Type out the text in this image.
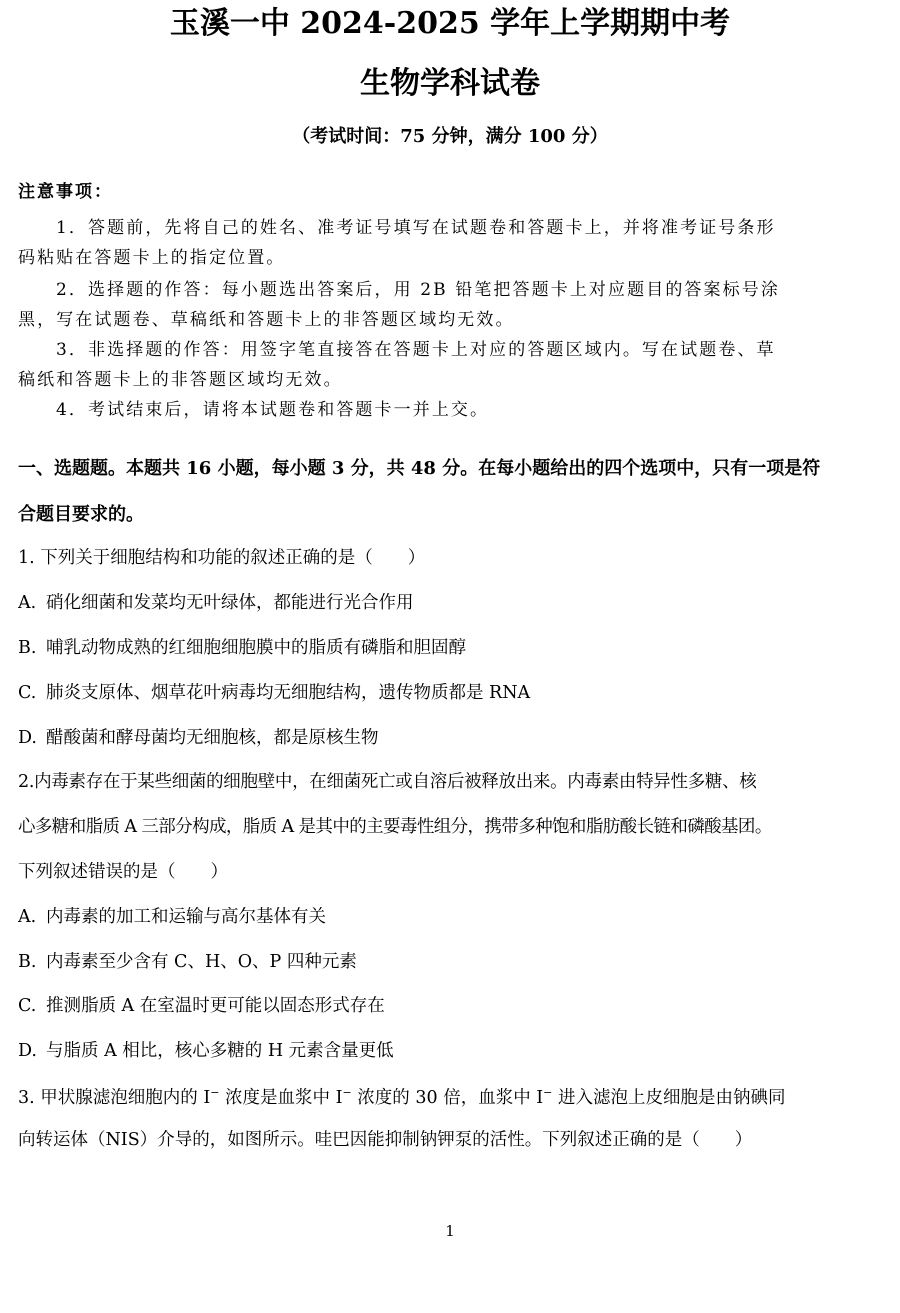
玉溪一中 2024-2025 学年上学期期中考
生物学科试卷
（考试时间：75 分钟，满分 100 分）
注意事项：
1．答题前，先将自己的姓名、准考证号填写在试题卷和答题卡上，并将准考证号条形
码粘贴在答题卡上的指定位置。
2．选择题的作答：每小题选出答案后，用 2B 铅笔把答题卡上对应题目的答案标号涂
黑，写在试题卷、草稿纸和答题卡上的非答题区域均无效。
3．非选择题的作答：用签字笔直接答在答题卡上对应的答题区域内。写在试题卷、草
稿纸和答题卡上的非答题区域均无效。
4．考试结束后，请将本试题卷和答题卡一并上交。
一、选题题。本题共 16 小题，每小题 3 分，共 48 分。在每小题给出的四个选项中，只有一项是符
合题目要求的。
1. 下列关于细胞结构和功能的叙述正确的是（　　）
A. 硝化细菌和发菜均无叶绿体，都能进行光合作用
B. 哺乳动物成熟的红细胞细胞膜中的脂质有磷脂和胆固醇
C. 肺炎支原体、烟草花叶病毒均无细胞结构，遗传物质都是 RNA
D. 醋酸菌和酵母菌均无细胞核，都是原核生物
2.内毒素存在于某些细菌的细胞壁中，在细菌死亡或自溶后被释放出来。内毒素由特异性多糖、核
心多糖和脂质 A 三部分构成，脂质 A 是其中的主要毒性组分，携带多种饱和脂肪酸长链和磷酸基团。
下列叙述错误的是（　　）
A. 内毒素的加工和运输与高尔基体有关
B. 内毒素至少含有 C、H、O、P 四种元素
C. 推测脂质 A 在室温时更可能以固态形式存在
D. 与脂质 A 相比，核心多糖的 H 元素含量更低
3. 甲状腺滤泡细胞内的 I− 浓度是血浆中 I− 浓度的 30 倍，血浆中 I− 进入滤泡上皮细胞是由钠碘同
向转运体（NIS）介导的，如图所示。哇巴因能抑制钠钾泵的活性。下列叙述正确的是（　　）
1
